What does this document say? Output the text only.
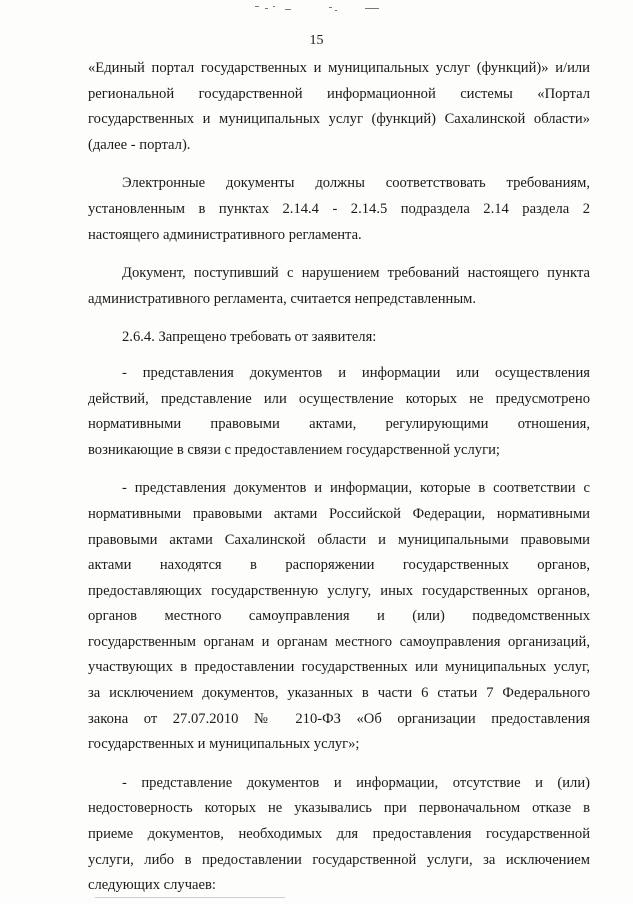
15

«Единый портал государственных и муниципальных услуг (функций)» и/или
региональной государственной информационной системы «Портал
государственных и муниципальных услуг (функций) Сахалинской области»
(далее - портал).

Электронные документы должны соответствовать требованиям,
установленным в пунктах 2.14.4 - 2.14.5 подраздела 2.14 раздела 2
настоящего административного регламента.

Документ, поступивший с нарушением требований настоящего пункта
административного регламента, считается непредставленным.

2.6.4. Запрещено требовать от заявителя:

- представления документов и информации или осуществления
действий, представление или осуществление которых не предусмотрено
нормативными правовыми актами, регулирующими отношения,
возникающие в связи с предоставлением государственной услуги;

- представления документов и информации, которые в соответствии с
нормативными правовыми актами Российской Федерации, нормативными
правовыми актами Сахалинской области и муниципальными правовыми
актами находятся в распоряжении государственных органов,
предоставляющих государственную услугу, иных государственных органов,
органов местного самоуправления и (или) подведомственных
государственным органам и органам местного самоуправления организаций,
участвующих в предоставлении государственных или муниципальных услуг,
за исключением документов, указанных в части 6 статьи 7 Федерального
закона от 27.07.2010 № 210-ФЗ «Об организации предоставления
государственных и муниципальных услуг»;

- представление документов и информации, отсутствие и (или)
недостоверность которых не указывались при первоначальном отказе в
приеме документов, необходимых для предоставления государственной
услуги, либо в предоставлении государственной услуги, за исключением
следующих случаев:
